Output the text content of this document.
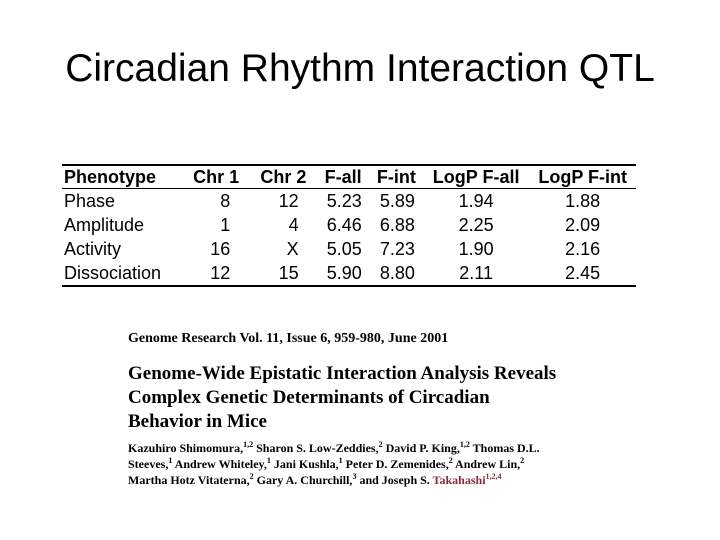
Circadian Rhythm Interaction QTL
Phenotype	Chr 1	Chr 2	F-all	F-int	LogP F-all	LogP F-int
Phase	8	12	5.23	5.89	1.94	1.88
Amplitude	1	4	6.46	6.88	2.25	2.09
Activity	16	X	5.05	7.23	1.90	2.16
Dissociation	12	15	5.90	8.80	2.11	2.45
Genome Research Vol. 11, Issue 6, 959-980, June 2001
Genome-Wide Epistatic Interaction Analysis Reveals
Complex Genetic Determinants of Circadian
Behavior in Mice
Kazuhiro Shimomura,$^{1,2}$ Sharon S. Low-Zeddies,$^2$ David P. King,$^{1,2}$ Thomas D.L.
Steeves,$^1$ Andrew Whiteley,$^1$ Jani Kushla,$^1$ Peter D. Zemenides,$^2$ Andrew Lin,$^2$
Martha Hotz Vitaterna,$^2$ Gary A. Churchill,$^3$ and Joseph S. Takahashi$^{1,2,4}$
